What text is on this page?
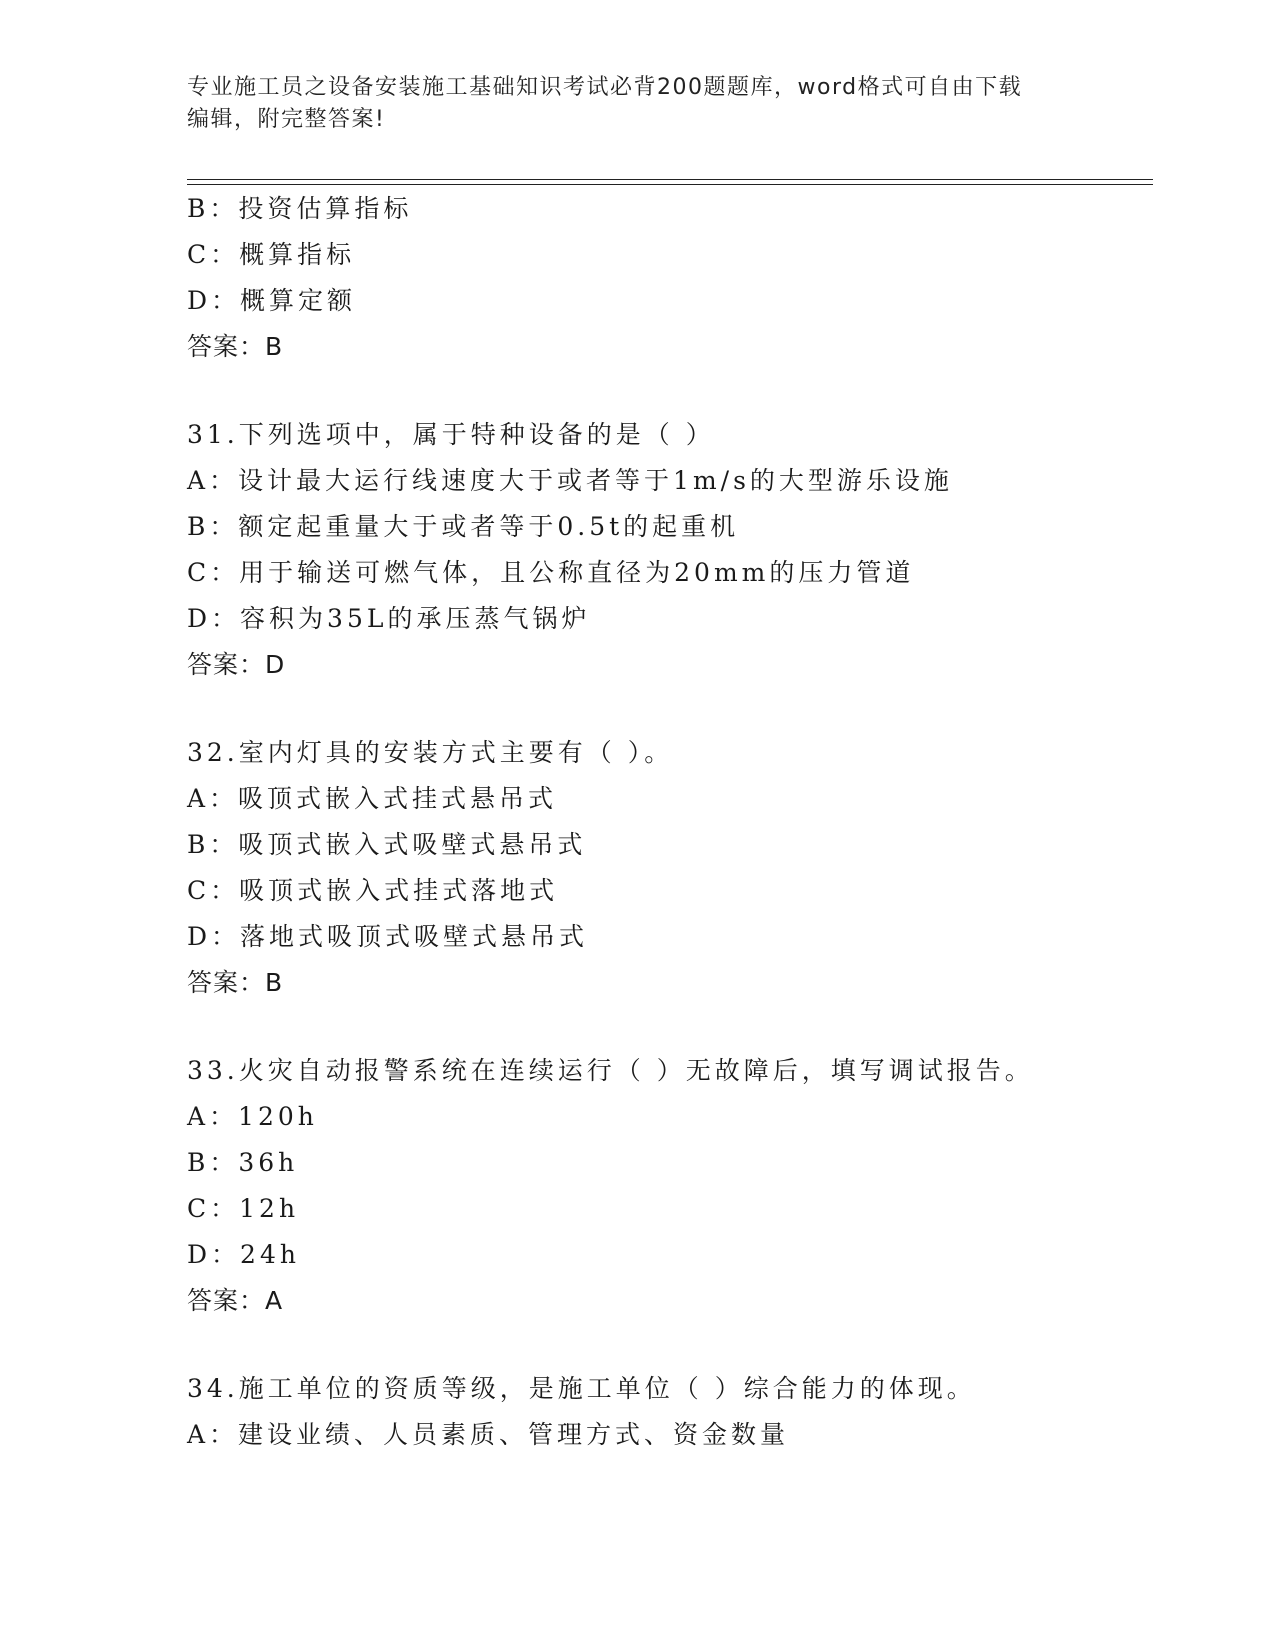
专业施工员之设备安装施工基础知识考试必背200题题库，word格式可自由下载
编辑，附完整答案!
B：投资估算指标
C：概算指标
D：概算定额
答案：B
31.下列选项中，属于特种设备的是（ ）
A：设计最大运行线速度大于或者等于1m/s的大型游乐设施
B：额定起重量大于或者等于0.5t的起重机
C：用于输送可燃气体，且公称直径为20mm的压力管道
D：容积为35L的承压蒸气锅炉
答案：D
32.室内灯具的安装方式主要有（ ）。
A：吸顶式嵌入式挂式悬吊式
B：吸顶式嵌入式吸壁式悬吊式
C：吸顶式嵌入式挂式落地式
D：落地式吸顶式吸壁式悬吊式
答案：B
33.火灾自动报警系统在连续运行（ ）无故障后，填写调试报告。
A：120h
B：36h
C：12h
D：24h
答案：A
34.施工单位的资质等级，是施工单位（ ）综合能力的体现。
A：建设业绩、人员素质、管理方式、资金数量
